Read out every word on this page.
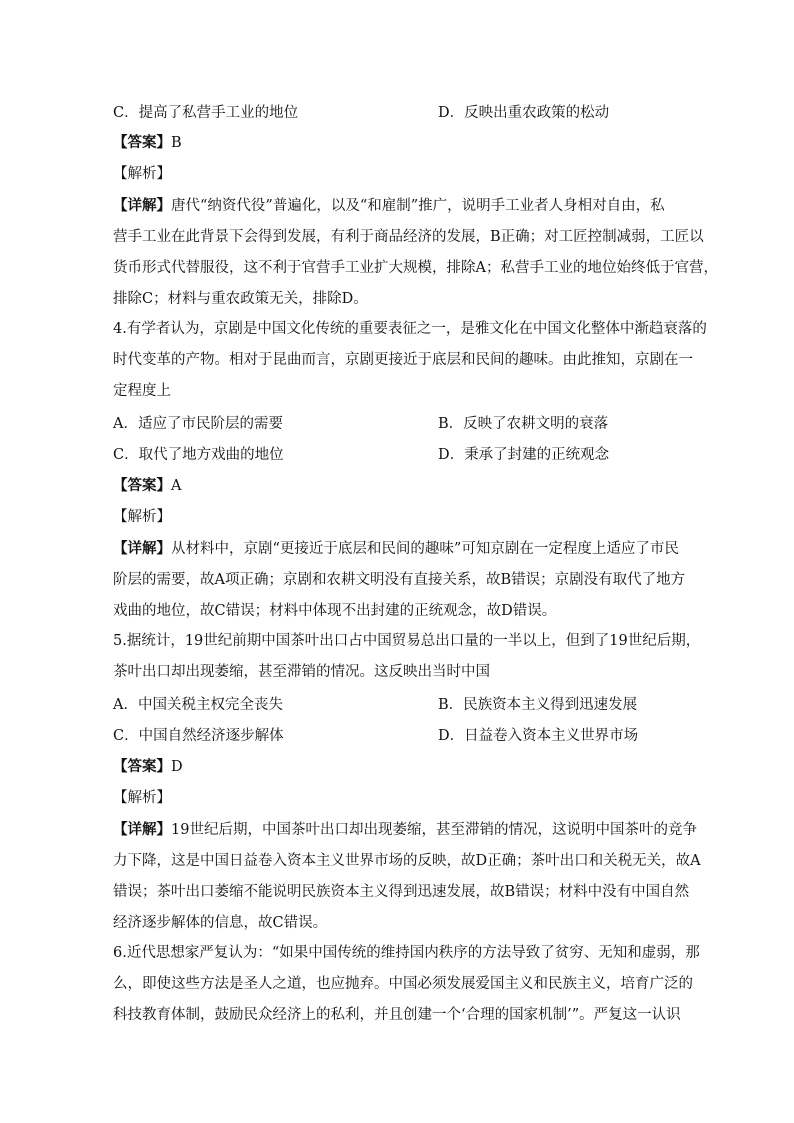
C．提高了私营手工业的地位	D．反映出重农政策的松动
【答案】B
【解析】

【详解】唐代“纳资代役”普遍化，以及“和雇制”推广，说明手工业者人身相对自由，私

营手工业在此背景下会得到发展，有利于商品经济的发展，B正确；对工匠控制减弱，工匠以

货币形式代替服役，这不利于官营手工业扩大规模，排除A；私营手工业的地位始终低于官营，

排除C；材料与重农政策无关，排除D。

4.有学者认为，京剧是中国文化传统的重要表征之一，是雅文化在中国文化整体中渐趋衰落的

时代变革的产物。相对于昆曲而言，京剧更接近于底层和民间的趣味。由此推知，京剧在一

定程度上

A．适应了市民阶层的需要	B．反映了农耕文明的衰落
C．取代了地方戏曲的地位	D．秉承了封建的正统观念
【答案】A
【解析】

【详解】从材料中，京剧“更接近于底层和民间的趣味”可知京剧在一定程度上适应了市民

阶层的需要，故A项正确；京剧和农耕文明没有直接关系，故B错误；京剧没有取代了地方

戏曲的地位，故C错误；材料中体现不出封建的正统观念，故D错误。

5.据统计，19世纪前期中国茶叶出口占中国贸易总出口量的一半以上，但到了19世纪后期，

茶叶出口却出现萎缩，甚至滞销的情况。这反映出当时中国

A．中国关税主权完全丧失	B．民族资本主义得到迅速发展
C．中国自然经济逐步解体	D．日益卷入资本主义世界市场
【答案】D
【解析】

【详解】19世纪后期，中国茶叶出口却出现萎缩，甚至滞销的情况，这说明中国茶叶的竞争

力下降，这是中国日益卷入资本主义世界市场的反映，故D正确；茶叶出口和关税无关，故A

错误；茶叶出口萎缩不能说明民族资本主义得到迅速发展，故B错误；材料中没有中国自然

经济逐步解体的信息，故C错误。

6.近代思想家严复认为：“如果中国传统的维持国内秩序的方法导致了贫穷、无知和虚弱，那

么，即使这些方法是圣人之道，也应抛弃。中国必须发展爱国主义和民族主义，培育广泛的

科技教育体制，鼓励民众经济上的私利，并且创建一个‘合理的国家机制’”。严复这一认识
